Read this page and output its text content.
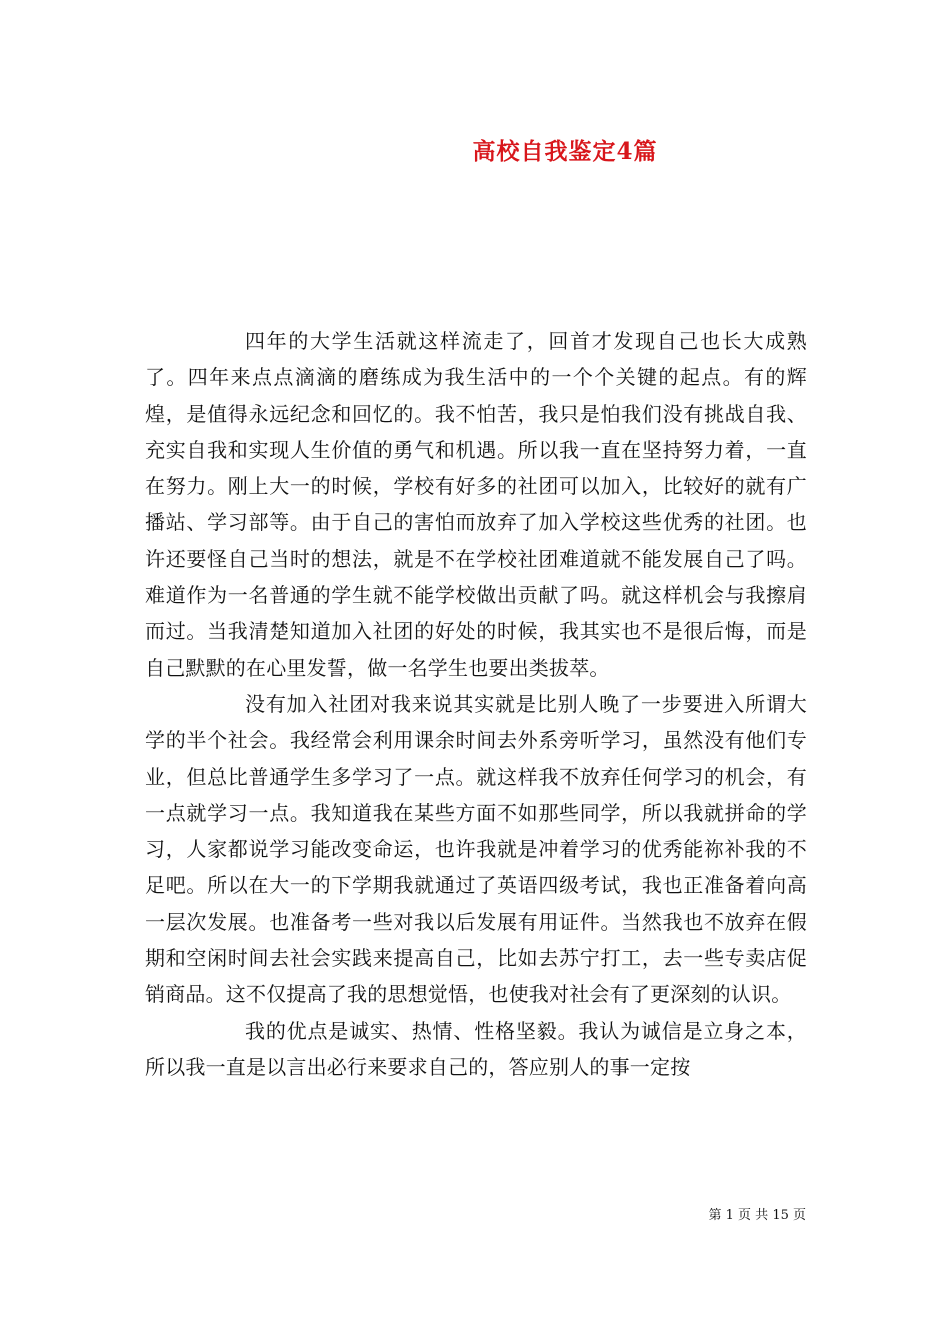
高校自我鉴定4篇

四年的大学生活就这样流走了，回首才发现自己也长大成熟了。四年来点点滴滴的磨练成为我生活中的一个个关键的起点。有的辉煌，是值得永远纪念和回忆的。我不怕苦，我只是怕我们没有挑战自我、充实自我和实现人生价值的勇气和机遇。所以我一直在坚持努力着，一直在努力。刚上大一的时候，学校有好多的社团可以加入，比较好的就有广播站、学习部等。由于自己的害怕而放弃了加入学校这些优秀的社团。也许还要怪自己当时的想法，就是不在学校社团难道就不能发展自己了吗。难道作为一名普通的学生就不能学校做出贡献了吗。就这样机会与我擦肩而过。当我清楚知道加入社团的好处的时候，我其实也不是很后悔，而是自己默默的在心里发誓，做一名学生也要出类拔萃。

没有加入社团对我来说其实就是比别人晚了一步要进入所谓大学的半个社会。我经常会利用课余时间去外系旁听学习，虽然没有他们专业，但总比普通学生多学习了一点。就这样我不放弃任何学习的机会，有一点就学习一点。我知道我在某些方面不如那些同学，所以我就拼命的学习，人家都说学习能改变命运，也许我就是冲着学习的优秀能祢补我的不足吧。所以在大一的下学期我就通过了英语四级考试，我也正准备着向高一层次发展。也准备考一些对我以后发展有用证件。当然我也不放弃在假期和空闲时间去社会实践来提高自己，比如去苏宁打工，去一些专卖店促销商品。这不仅提高了我的思想觉悟，也使我对社会有了更深刻的认识。

我的优点是诚实、热情、性格坚毅。我认为诚信是立身之本，所以我一直是以言出必行来要求自己的，答应别人的事一定按

第 1 页 共 15 页
